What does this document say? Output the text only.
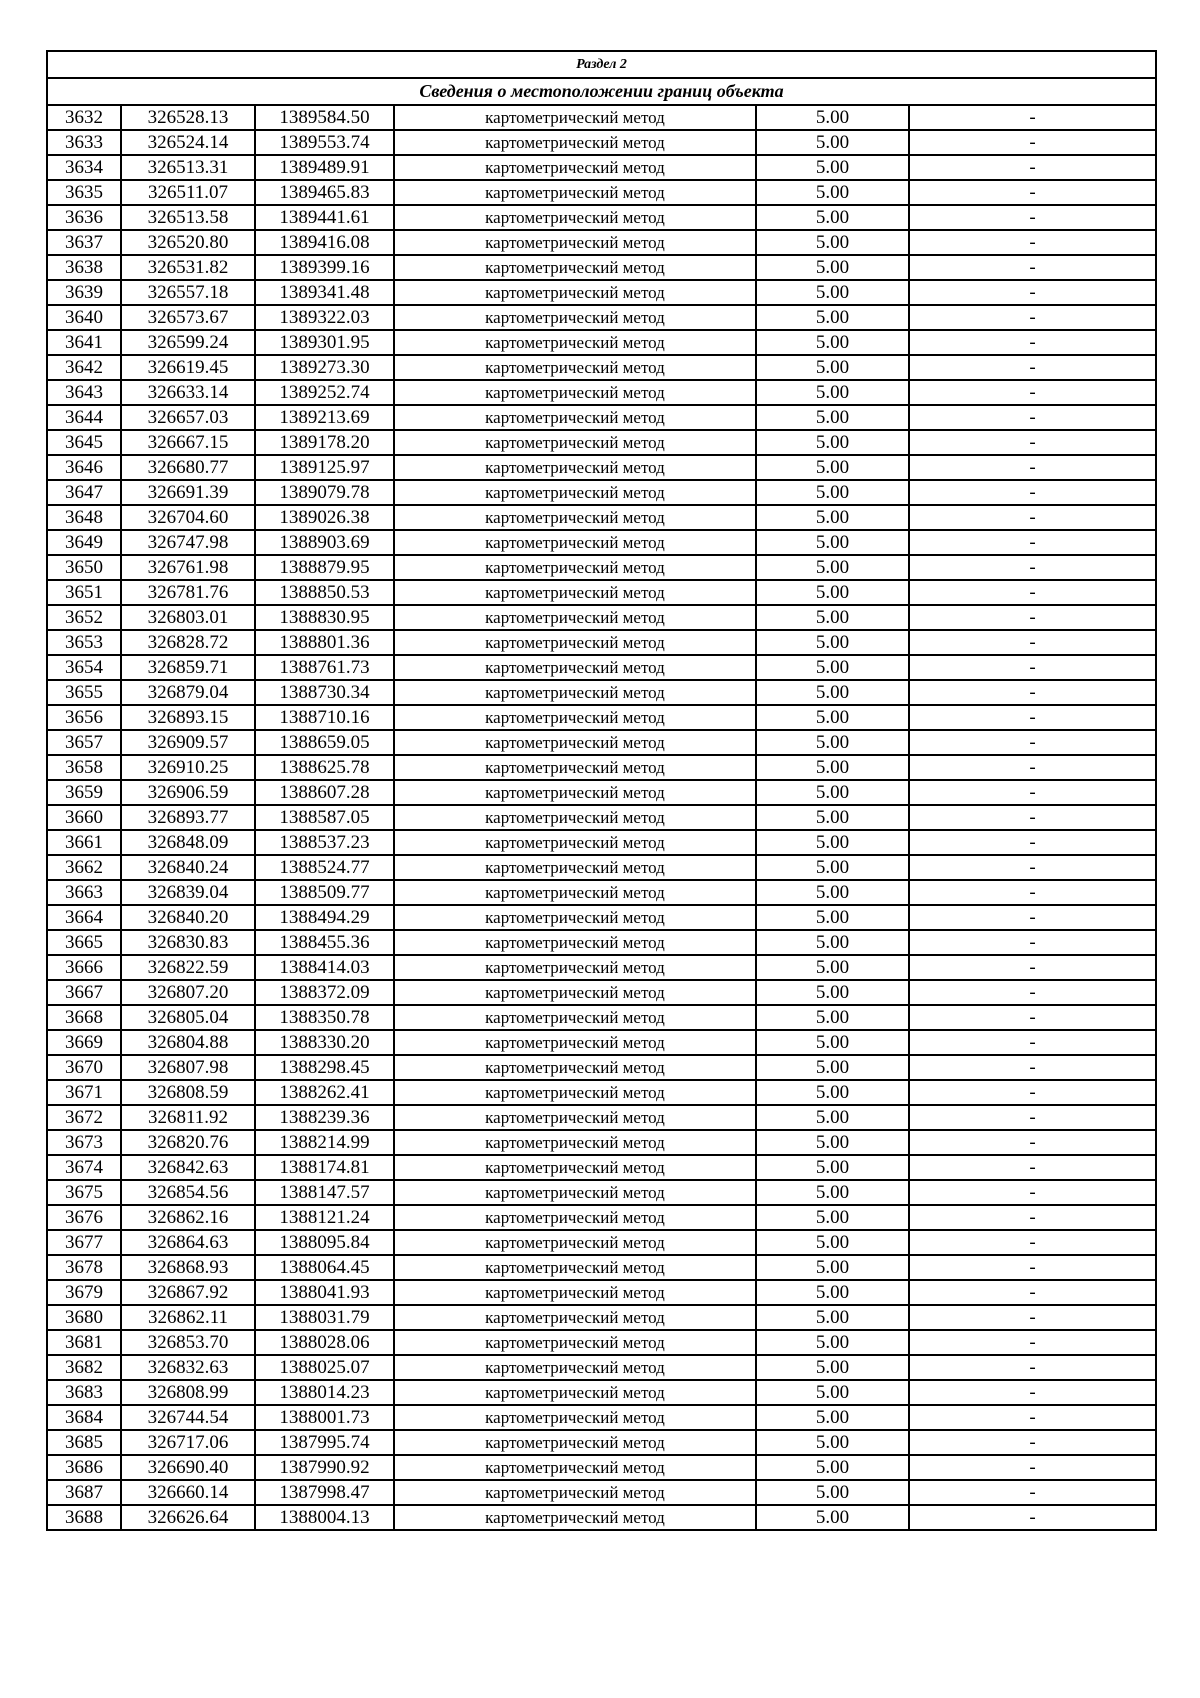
Раздел 2					
Сведения о местоположении границ объекта					
3632	326528.13	1389584.50	картометрический метод	5.00	-
3633	326524.14	1389553.74	картометрический метод	5.00	-
3634	326513.31	1389489.91	картометрический метод	5.00	-
3635	326511.07	1389465.83	картометрический метод	5.00	-
3636	326513.58	1389441.61	картометрический метод	5.00	-
3637	326520.80	1389416.08	картометрический метод	5.00	-
3638	326531.82	1389399.16	картометрический метод	5.00	-
3639	326557.18	1389341.48	картометрический метод	5.00	-
3640	326573.67	1389322.03	картометрический метод	5.00	-
3641	326599.24	1389301.95	картометрический метод	5.00	-
3642	326619.45	1389273.30	картометрический метод	5.00	-
3643	326633.14	1389252.74	картометрический метод	5.00	-
3644	326657.03	1389213.69	картометрический метод	5.00	-
3645	326667.15	1389178.20	картометрический метод	5.00	-
3646	326680.77	1389125.97	картометрический метод	5.00	-
3647	326691.39	1389079.78	картометрический метод	5.00	-
3648	326704.60	1389026.38	картометрический метод	5.00	-
3649	326747.98	1388903.69	картометрический метод	5.00	-
3650	326761.98	1388879.95	картометрический метод	5.00	-
3651	326781.76	1388850.53	картометрический метод	5.00	-
3652	326803.01	1388830.95	картометрический метод	5.00	-
3653	326828.72	1388801.36	картометрический метод	5.00	-
3654	326859.71	1388761.73	картометрический метод	5.00	-
3655	326879.04	1388730.34	картометрический метод	5.00	-
3656	326893.15	1388710.16	картометрический метод	5.00	-
3657	326909.57	1388659.05	картометрический метод	5.00	-
3658	326910.25	1388625.78	картометрический метод	5.00	-
3659	326906.59	1388607.28	картометрический метод	5.00	-
3660	326893.77	1388587.05	картометрический метод	5.00	-
3661	326848.09	1388537.23	картометрический метод	5.00	-
3662	326840.24	1388524.77	картометрический метод	5.00	-
3663	326839.04	1388509.77	картометрический метод	5.00	-
3664	326840.20	1388494.29	картометрический метод	5.00	-
3665	326830.83	1388455.36	картометрический метод	5.00	-
3666	326822.59	1388414.03	картометрический метод	5.00	-
3667	326807.20	1388372.09	картометрический метод	5.00	-
3668	326805.04	1388350.78	картометрический метод	5.00	-
3669	326804.88	1388330.20	картометрический метод	5.00	-
3670	326807.98	1388298.45	картометрический метод	5.00	-
3671	326808.59	1388262.41	картометрический метод	5.00	-
3672	326811.92	1388239.36	картометрический метод	5.00	-
3673	326820.76	1388214.99	картометрический метод	5.00	-
3674	326842.63	1388174.81	картометрический метод	5.00	-
3675	326854.56	1388147.57	картометрический метод	5.00	-
3676	326862.16	1388121.24	картометрический метод	5.00	-
3677	326864.63	1388095.84	картометрический метод	5.00	-
3678	326868.93	1388064.45	картометрический метод	5.00	-
3679	326867.92	1388041.93	картометрический метод	5.00	-
3680	326862.11	1388031.79	картометрический метод	5.00	-
3681	326853.70	1388028.06	картометрический метод	5.00	-
3682	326832.63	1388025.07	картометрический метод	5.00	-
3683	326808.99	1388014.23	картометрический метод	5.00	-
3684	326744.54	1388001.73	картометрический метод	5.00	-
3685	326717.06	1387995.74	картометрический метод	5.00	-
3686	326690.40	1387990.92	картометрический метод	5.00	-
3687	326660.14	1387998.47	картометрический метод	5.00	-
3688	326626.64	1388004.13	картометрический метод	5.00	-
